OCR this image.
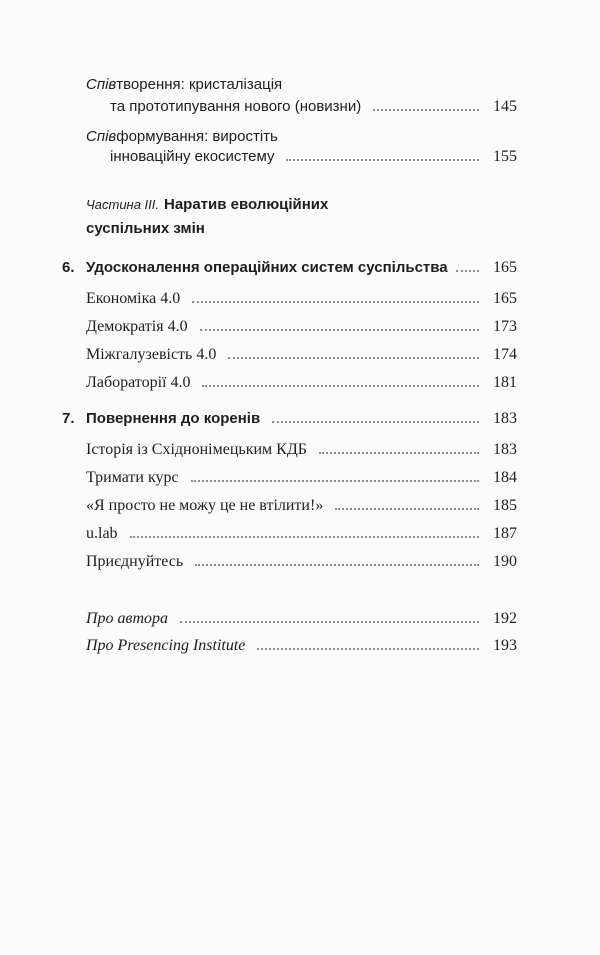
Спів творення: кристалізація
та прототипування нового (новизни)	145
Спів формування: виростіть
інноваційну екосистему	155
Частина ІІІ. Наратив еволюційних
суспільних змін
6. Удосконалення операційних систем суспільства	165
Економіка 4.0	165
Демократія 4.0	173
Міжгалузевість 4.0	174
Лабораторії 4.0	181
7. Повернення до коренів	183
Історія із Східнонімецьким КДБ	183
Тримати курс	184
«Я просто не можу це не втілити!»	185
u.lab	187
Приєднуйтесь	190
Про автора	192
Про Presencing Institute	193
